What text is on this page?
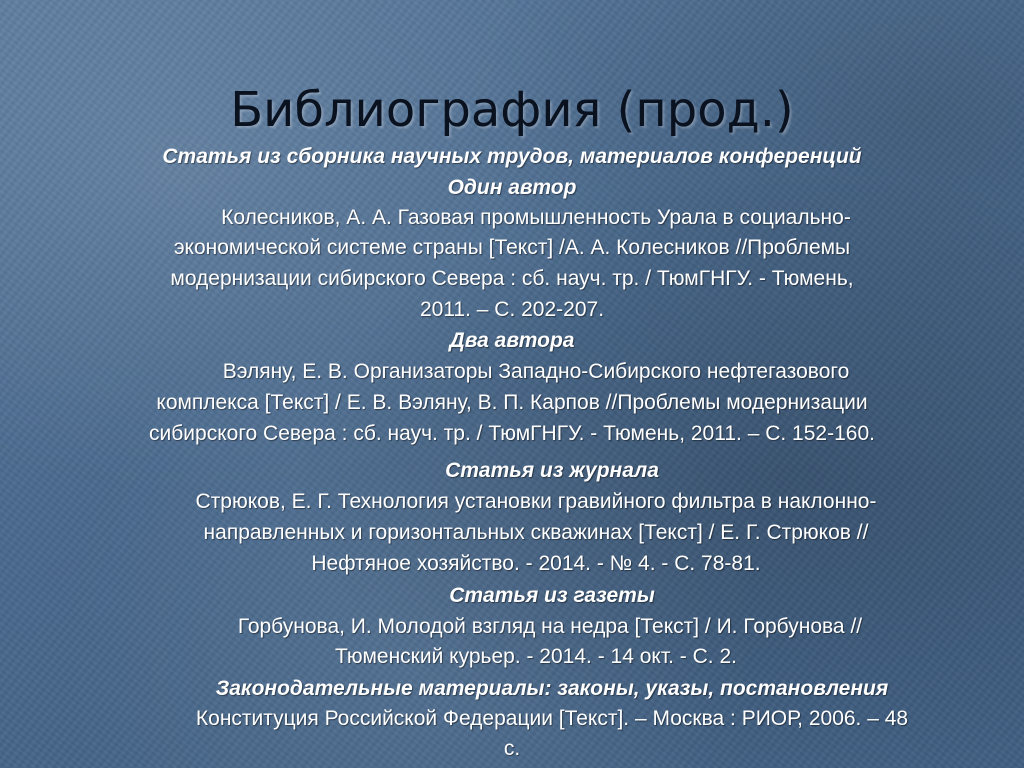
Библиография (прод.)
Статья из сборника научных трудов, материалов конференций
Один автор
Колесников, А. А. Газовая промышленность Урала в социально-
экономической системе страны [Текст] /А. А. Колесников //Проблемы
модернизации сибирского Севера : сб. науч. тр. / ТюмГНГУ. - Тюмень,
2011. – С. 202-207.
Два автора
Вэляну, Е. В. Организаторы Западно-Сибирского нефтегазового
комплекса [Текст] / Е. В. Вэляну, В. П. Карпов //Проблемы модернизации
сибирского Севера : сб. науч. тр. / ТюмГНГУ. - Тюмень, 2011. – С. 152-160.
Статья из журнала
Стрюков, Е. Г. Технология установки гравийного фильтра в наклонно-
направленных и горизонтальных скважинах [Текст] / Е. Г. Стрюков //
Нефтяное хозяйство. - 2014. - № 4. - С. 78-81.
Статья из газеты
Горбунова, И. Молодой взгляд на недра [Текст] / И. Горбунова //
Тюменский курьер. - 2014. - 14 окт. - С. 2.
Законодательные материалы: законы, указы, постановления
Конституция Российской Федерации [Текст]. – Москва : РИОР, 2006. – 48
с.
